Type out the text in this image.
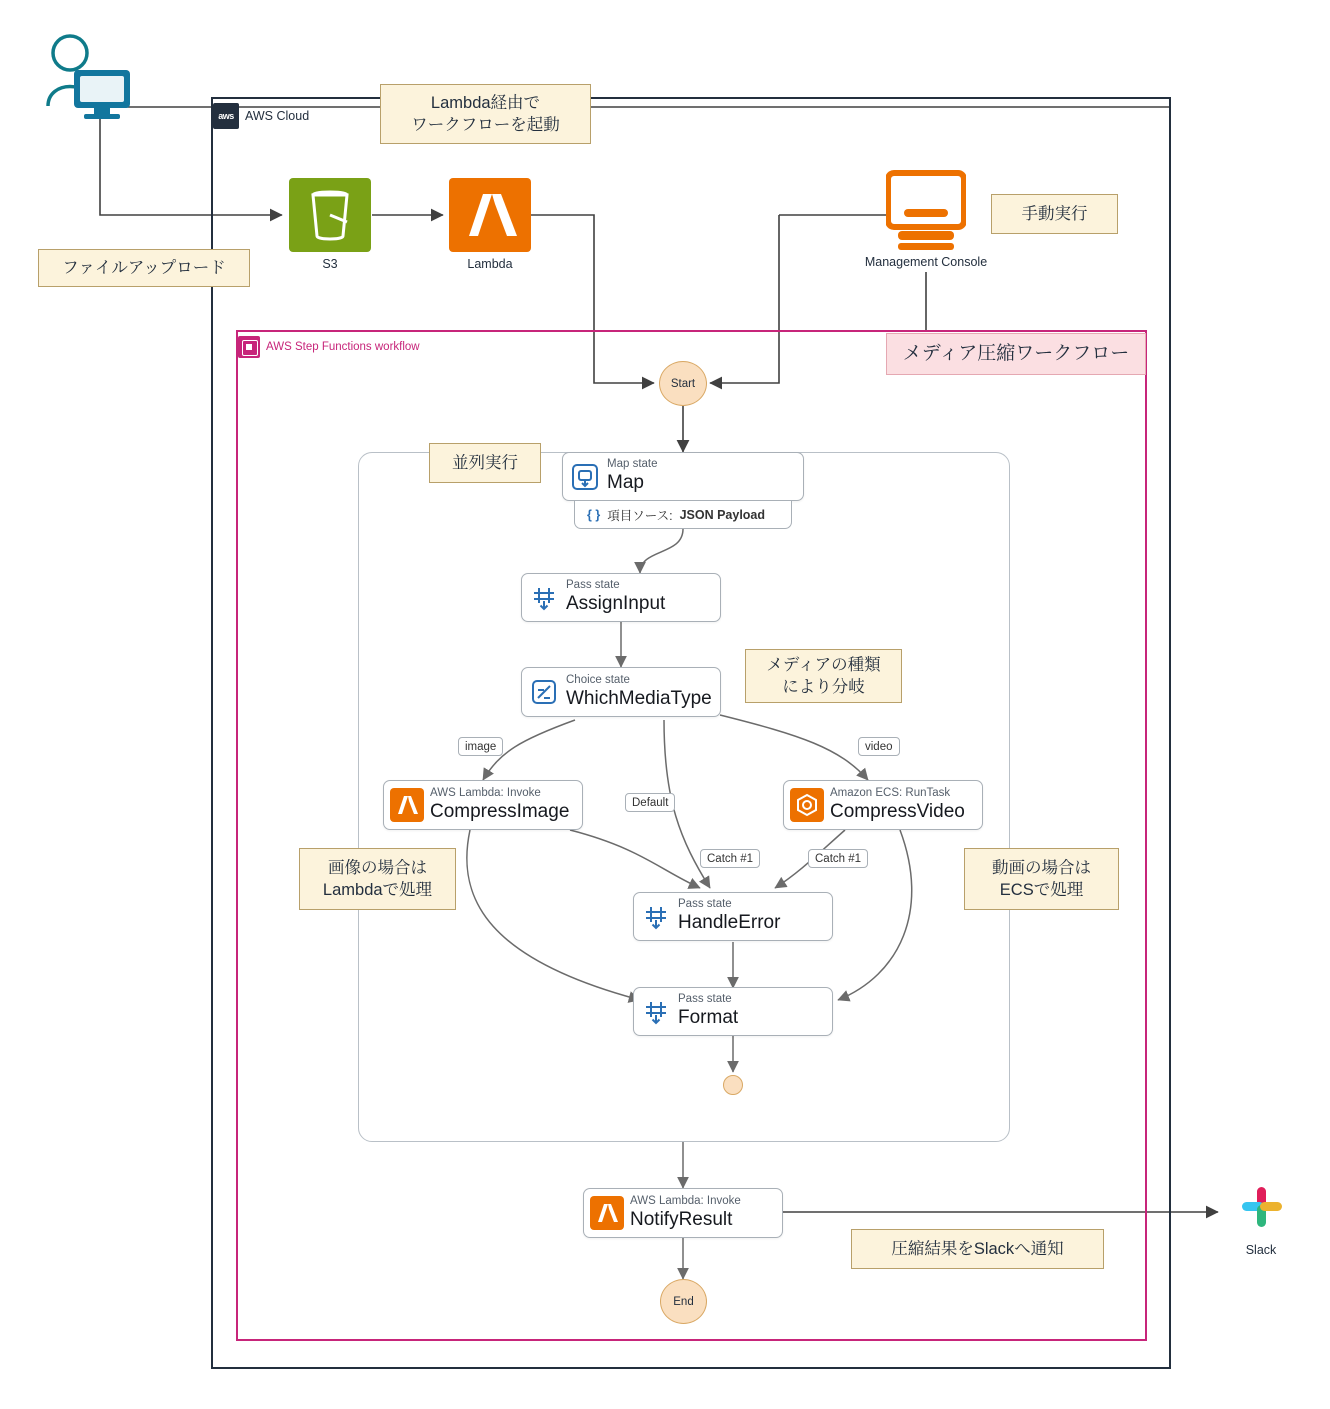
aws AWS Cloud
Lambda経由で
ワークフローを起動
ファイルアップロード
手動実行
S3	Lambda	Management Console
AWS Step Functions workflow	メディア圧縮ワークフロー
Start
並列実行	Map state
Map
{ } 項目ソース: JSON Payload
Pass state
AssignInput
Choice state
WhichMediaType
メディアの種類
により分岐
image	video
Default
Catch #1	Catch #1
AWS Lambda: Invoke
CompressImage
Amazon ECS: RunTask
CompressVideo
画像の場合は
Lambdaで処理
動画の場合は
ECSで処理
Pass state
HandleError
Pass state
Format
AWS Lambda: Invoke
NotifyResult
圧縮結果をSlackへ通知
End
Slack
